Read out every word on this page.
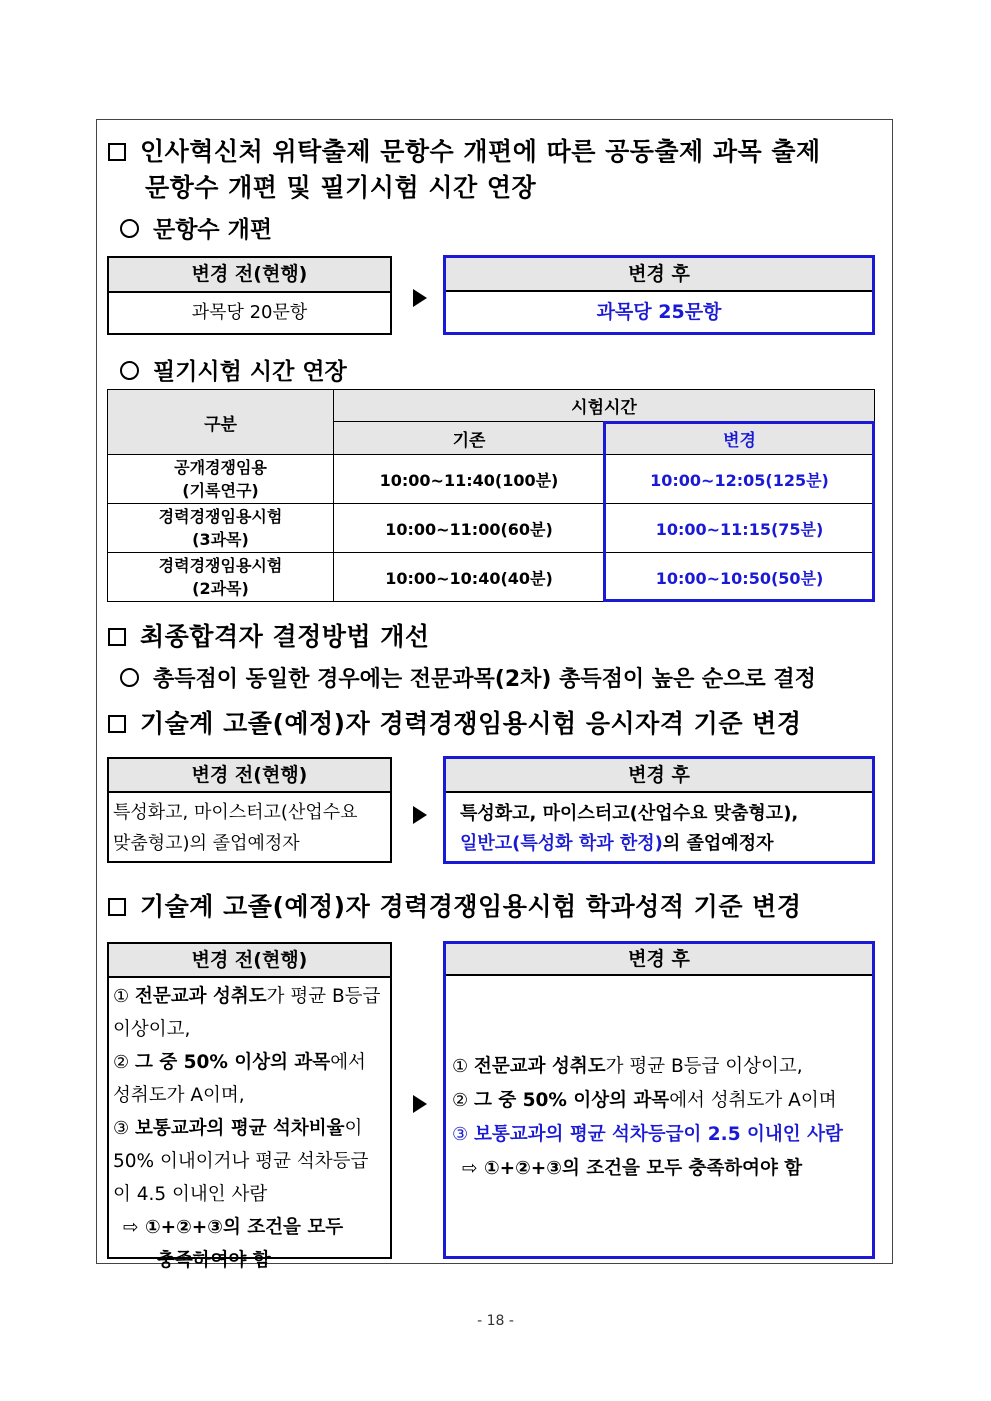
인사혁신처 위탁출제 문항수 개편에 따른 공동출제 과목 출제
문항수 개편 및 필기시험 시간 연장
문항수 개편
변경 전(현행)
과목당 20문항
변경 후
과목당 25문항
필기시험 시간 연장
구분	시험시간	
	기존	변경

공개경쟁임용
(기록연구)	10:00~11:40(100분)	10:00~12:05(125분)

경력경쟁임용시험
(3과목)	10:00~11:00(60분)	10:00~11:15(75분)

경력경쟁임용시험
(2과목)	10:00~10:40(40분)	10:00~10:50(50분)
최종합격자 결정방법 개선
총득점이 동일한 경우에는 전문과목(2차) 총득점이 높은 순으로 결정
기술계 고졸(예정)자 경력경쟁임용시험 응시자격 기준 변경
변경 전(현행)
특성화고, 마이스터고(산업수요
맞춤형고)의 졸업예정자
변경 후
특성화고, 마이스터고(산업수요 맞춤형고),
일반고(특성화 학과 한정)의 졸업예정자
기술계 고졸(예정)자 경력경쟁임용시험 학과성적 기준 변경
변경 전(현행)
① 전문교과 성취도가 평균 B등급
이상이고,
② 그 중 50% 이상의 과목에서
성취도가 A이며,
③ 보통교과의 평균 석차비율이
50% 이내이거나 평균 석차등급
이 4.5 이내인 사람
⇨ ①+②+③의 조건을 모두
충족하여야 함
변경 후
① 전문교과 성취도가 평균 B등급 이상이고,
② 그 중 50% 이상의 과목에서 성취도가 A이며
③ 보통교과의 평균 석차등급이 2.5 이내인 사람
⇨ ①+②+③의 조건을 모두 충족하여야 함
- 18 -
